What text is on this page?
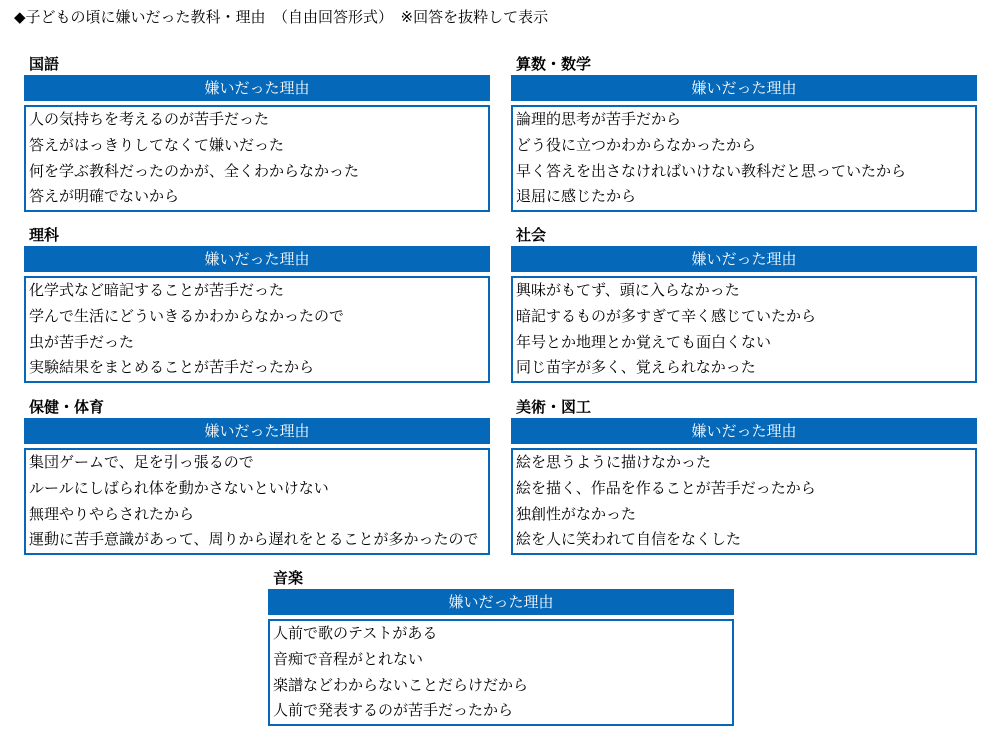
◆子どもの頃に嫌いだった教科・理由　（自由回答形式）　※回答を抜粋して表示
国語
嫌いだった理由
人の気持ちを考えるのが苦手だった
答えがはっきりしてなくて嫌いだった
何を学ぶ教科だったのかが、全くわからなかった
答えが明確でないから
算数・数学
嫌いだった理由
論理的思考が苦手だから
どう役に立つかわからなかったから
早く答えを出さなければいけない教科だと思っていたから
退屈に感じたから
理科
嫌いだった理由
化学式など暗記することが苦手だった
学んで生活にどういきるかわからなかったので
虫が苦手だった
実験結果をまとめることが苦手だったから
社会
嫌いだった理由
興味がもてず、頭に入らなかった
暗記するものが多すぎて辛く感じていたから
年号とか地理とか覚えても面白くない
同じ苗字が多く、覚えられなかった
保健・体育
嫌いだった理由
集団ゲームで、足を引っ張るので
ルールにしばられ体を動かさないといけない
無理やりやらされたから
運動に苦手意識があって、周りから遅れをとることが多かったので
美術・図工
嫌いだった理由
絵を思うように描けなかった
絵を描く、作品を作ることが苦手だったから
独創性がなかった
絵を人に笑われて自信をなくした
音楽
嫌いだった理由
人前で歌のテストがある
音痴で音程がとれない
楽譜などわからないことだらけだから
人前で発表するのが苦手だったから
